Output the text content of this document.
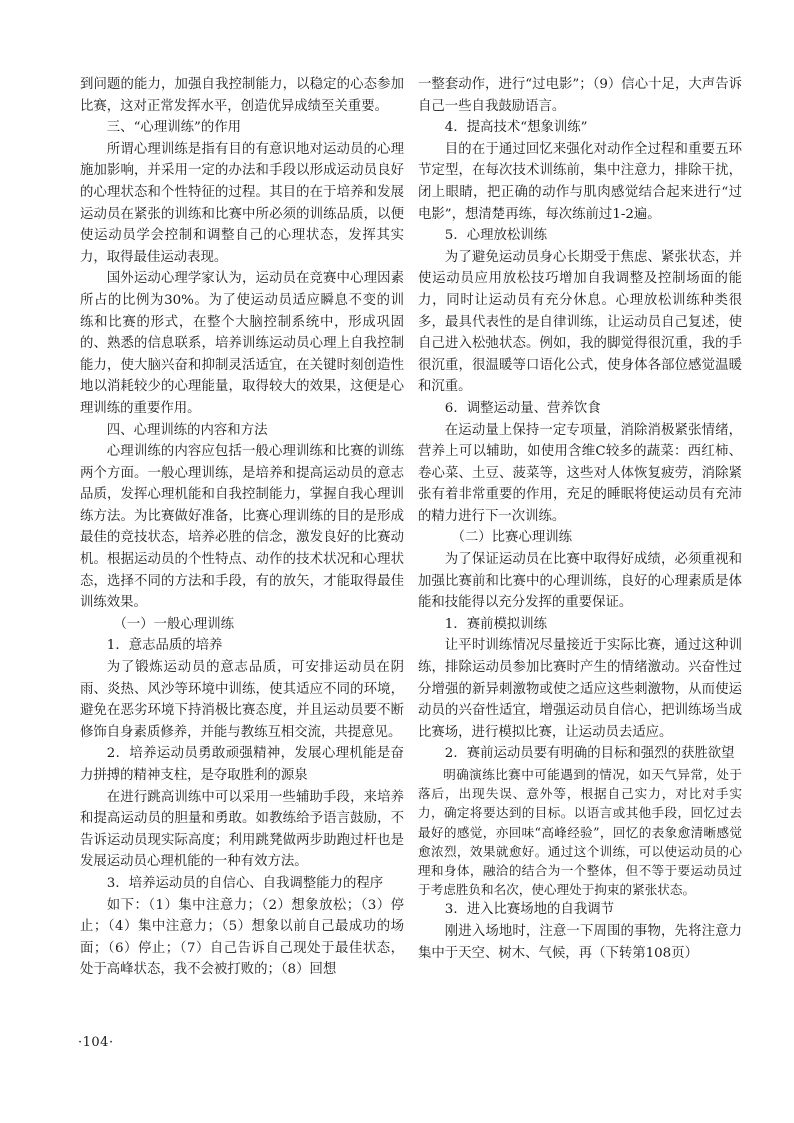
到问题的能力，加强自我控制能力，以稳定的心态参加比赛，这对正常发挥水平，创造优异成绩至关重要。

三、“心理训练”的作用

所谓心理训练是指有目的有意识地对运动员的心理施加影响，并采用一定的办法和手段以形成运动员良好的心理状态和个性特征的过程。其目的在于培养和发展运动员在紧张的训练和比赛中所必须的训练品质，以便使运动员学会控制和调整自己的心理状态，发挥其实力，取得最佳运动表现。

国外运动心理学家认为，运动员在竞赛中心理因素所占的比例为30%。为了使运动员适应瞬息不变的训练和比赛的形式，在整个大脑控制系统中，形成巩固的、熟悉的信息联系，培养训练运动员心理上自我控制能力，使大脑兴奋和抑制灵活适宜，在关键时刻创造性地以消耗较少的心理能量，取得较大的效果，这便是心理训练的重要作用。

四、心理训练的内容和方法

心理训练的内容应包括一般心理训练和比赛的训练两个方面。一般心理训练，是培养和提高运动员的意志品质，发挥心理机能和自我控制能力，掌握自我心理训练方法。为比赛做好准备，比赛心理训练的目的是形成最佳的竞技状态，培养必胜的信念，激发良好的比赛动机。根据运动员的个性特点、动作的技术状况和心理状态，选择不同的方法和手段，有的放矢，才能取得最佳训练效果。

（一）一般心理训练

1．意志品质的培养

为了锻炼运动员的意志品质，可安排运动员在阴雨、炎热、风沙等环境中训练，使其适应不同的环境，避免在恶劣环境下持消极比赛态度，并且运动员要不断修饰自身素质修养，并能与教练互相交流，共提意见。

2．培养运动员勇敢顽强精神，发展心理机能是奋力拼搏的精神支柱，是夺取胜利的源泉

在进行跳高训练中可以采用一些辅助手段，来培养和提高运动员的胆量和勇敢。如教练给予语言鼓励，不告诉运动员现实际高度；利用跳凳做两步助跑过杆也是发展运动员心理机能的一种有效方法。

3．培养运动员的自信心、自我调整能力的程序

如下：（1）集中注意力；（2）想象放松；（3）停止；（4）集中注意力；（5）想象以前自己最成功的场面；（6）停止；（7）自己告诉自己现处于最佳状态，处于高峰状态，我不会被打败的；（8）回想

一整套动作，进行“过电影”；（9）信心十足，大声告诉自己一些自我鼓励语言。

4．提高技术“想象训练”

目的在于通过回忆来强化对动作全过程和重要五环节定型，在每次技术训练前，集中注意力，排除干扰，闭上眼睛，把正确的动作与肌肉感觉结合起来进行“过电影”，想清楚再练，每次练前过1-2遍。

5．心理放松训练

为了避免运动员身心长期受于焦虑、紧张状态，并使运动员应用放松技巧增加自我调整及控制场面的能力，同时让运动员有充分休息。心理放松训练种类很多，最具代表性的是自律训练，让运动员自己复述，使自己进入松弛状态。例如，我的脚觉得很沉重，我的手很沉重，很温暖等口语化公式，使身体各部位感觉温暖和沉重。

6．调整运动量、营养饮食

在运动量上保持一定专项量，消除消极紧张情绪，营养上可以辅助，如使用含维C较多的蔬菜：西红柿、卷心菜、土豆、菠菜等，这些对人体恢复疲劳，消除紧张有着非常重要的作用，充足的睡眠将使运动员有充沛的精力进行下一次训练。

（二）比赛心理训练

为了保证运动员在比赛中取得好成绩，必须重视和加强比赛前和比赛中的心理训练，良好的心理素质是体能和技能得以充分发挥的重要保证。

1．赛前模拟训练

让平时训练情况尽量接近于实际比赛，通过这种训练，排除运动员参加比赛时产生的情绪激动。兴奋性过分增强的新异刺激物或使之适应这些刺激物，从而使运动员的兴奋性适宜，增强运动员自信心，把训练场当成比赛场，进行模拟比赛，让运动员去适应。

2．赛前运动员要有明确的目标和强烈的获胜欲望

明确演练比赛中可能遇到的情况，如天气异常，处于落后，出现失误、意外等，根据自己实力，对比对手实力，确定将要达到的目标。以语言或其他手段，回忆过去最好的感觉，亦回味“高峰经验”，回忆的表象愈清晰感觉愈浓烈，效果就愈好。通过这个训练，可以使运动员的心理和身体，融洽的结合为一个整体，但不等于要运动员过于考虑胜负和名次，使心理处于拘束的紧张状态。

3．进入比赛场地的自我调节

刚进入场地时，注意一下周围的事物，先将注意力集中于天空、树木、气候，再（下转第108页）

·104·
